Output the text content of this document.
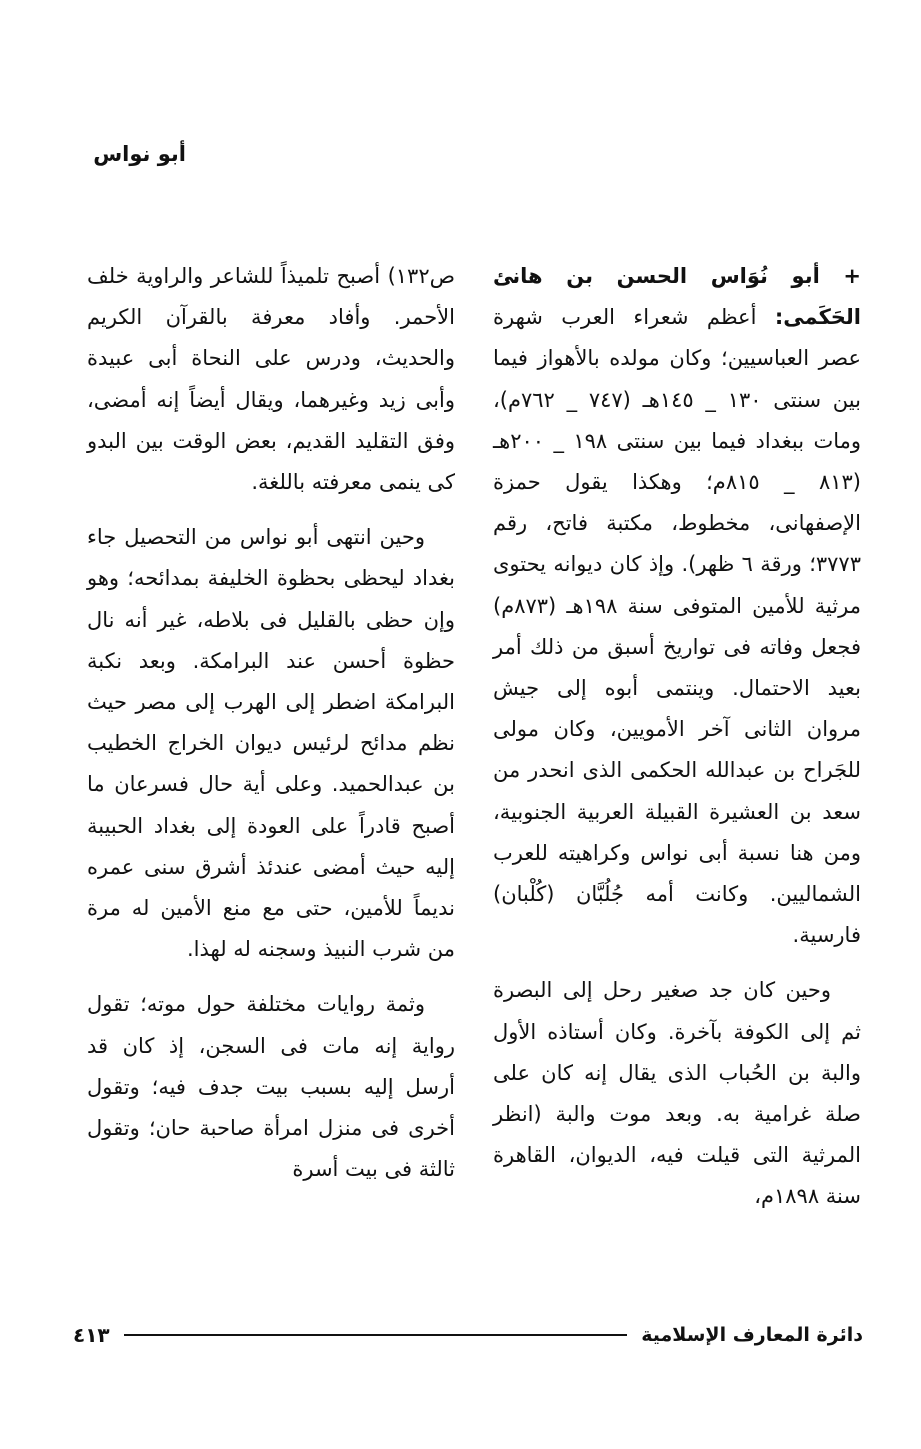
أبو نواس

+ أبو نُوَاس الحسن بن هانئ الحَكَمى: أعظم شعراء العرب شهرة عصر العباسيين؛ وكان مولده بالأهواز فيما بين سنتى ١٣٠ _ ١٤٥هـ (٧٤٧ _ ٧٦٢م)، ومات ببغداد فيما بين سنتى ١٩٨ _ ٢٠٠هـ (٨١٣ _ ٨١٥م؛ وهكذا يقول حمزة الإصفهانى، مخطوط، مكتبة فاتح، رقم ٣٧٧٣؛ ورقة ٦ ظهر). وإذ كان ديوانه يحتوى مرثية للأمين المتوفى سنة ١٩٨هـ (٨٧٣م) فجعل وفاته فى تواريخ أسبق من ذلك أمر بعيد الاحتمال. وينتمى أبوه إلى جيش مروان الثانى آخر الأمويين، وكان مولى للجَراح بن عبدالله الحكمى الذى انحدر من سعد بن العشيرة القبيلة العربية الجنوبية، ومن هنا نسبة أبى نواس وكراهيته للعرب الشماليين. وكانت أمه جُلُبَّان (كُلْبان) فارسية.

وحين كان جد صغير رحل إلى البصرة ثم إلى الكوفة بآخرة. وكان أستاذه الأول والبة بن الحُباب الذى يقال إنه كان على صلة غرامية به. وبعد موت والبة (انظر المرثية التى قيلت فيه، الديوان، القاهرة سنة ١٨٩٨م،

ص١٣٢) أصبح تلميذاً للشاعر والراوية خلف الأحمر. وأفاد معرفة بالقرآن الكريم والحديث، ودرس على النحاة أبى عبيدة وأبى زيد وغيرهما، ويقال أيضاً إنه أمضى، وفق التقليد القديم، بعض الوقت بين البدو كى ينمى معرفته باللغة.

وحين انتهى أبو نواس من التحصيل جاء بغداد ليحظى بحظوة الخليفة بمدائحه؛ وهو وإن حظى بالقليل فى بلاطه، غير أنه نال حظوة أحسن عند البرامكة. وبعد نكبة البرامكة اضطر إلى الهرب إلى مصر حيث نظم مدائح لرئيس ديوان الخراج الخطيب بن عبدالحميد. وعلى أية حال فسرعان ما أصبح قادراً على العودة إلى بغداد الحبيبة إليه حيث أمضى عندئذ أشرق سنى عمره نديماً للأمين، حتى مع منع الأمين له مرة من شرب النبيذ وسجنه له لهذا.

وثمة روايات مختلفة حول موته؛ تقول رواية إنه مات فى السجن، إذ كان قد أرسل إليه بسبب بيت جدف فيه؛ وتقول أخرى فى منزل امرأة صاحبة حان؛ وتقول ثالثة فى بيت أسرة

دائرة المعارف الإسلامية
٤١٣
